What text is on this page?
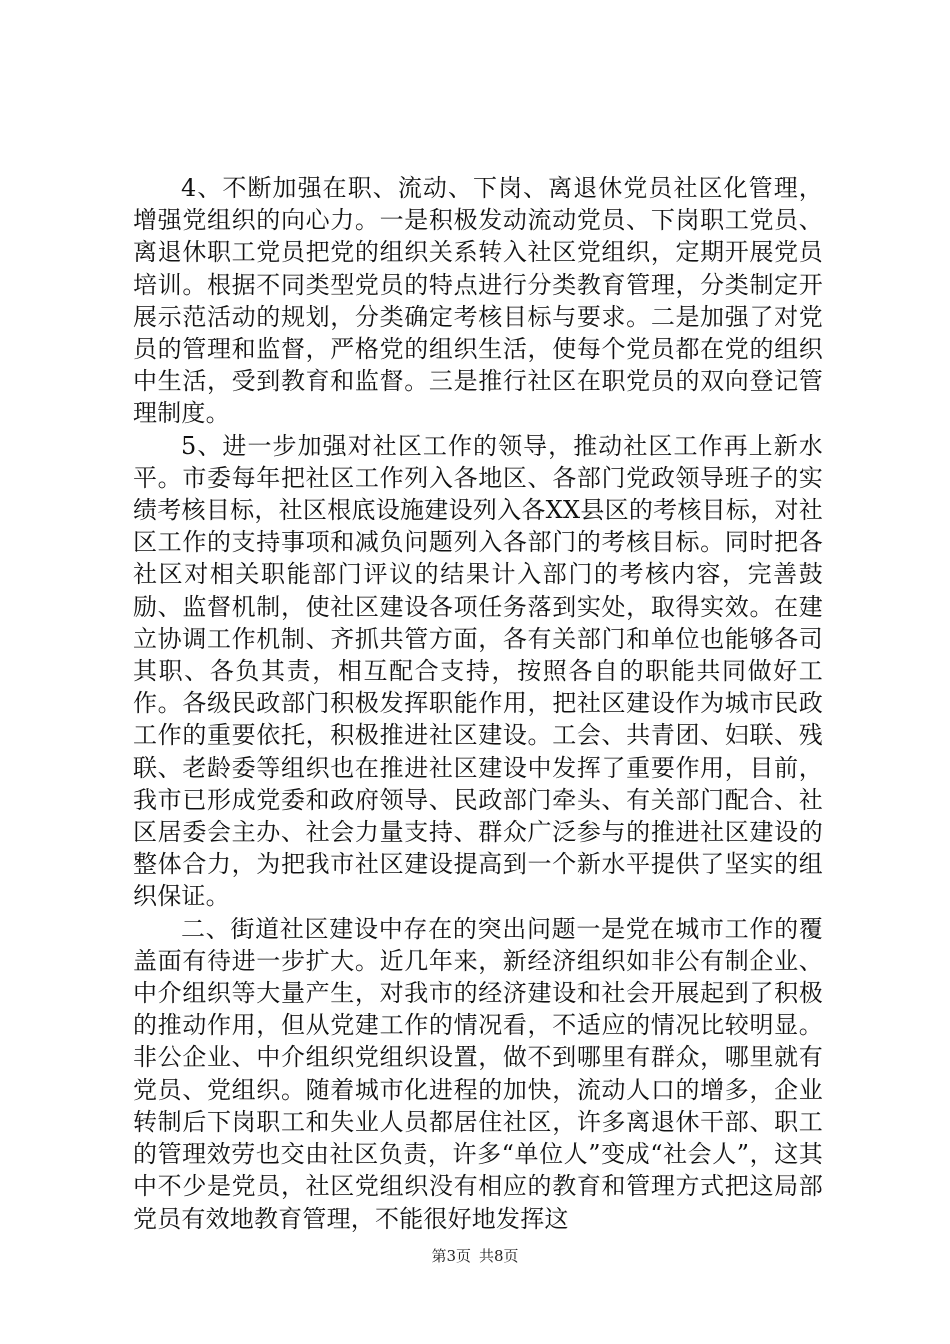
4、不断加强在职、流动、下岗、离退休党员社区化管理，增强党组织的向心力。一是积极发动流动党员、下岗职工党员、离退休职工党员把党的组织关系转入社区党组织，定期开展党员培训。根据不同类型党员的特点进行分类教育管理，分类制定开展示范活动的规划，分类确定考核目标与要求。二是加强了对党员的管理和监督，严格党的组织生活，使每个党员都在党的组织中生活，受到教育和监督。三是推行社区在职党员的双向登记管理制度。

5、进一步加强对社区工作的领导，推动社区工作再上新水平。市委每年把社区工作列入各地区、各部门党政领导班子的实绩考核目标，社区根底设施建设列入各XX县区的考核目标，对社区工作的支持事项和减负问题列入各部门的考核目标。同时把各社区对相关职能部门评议的结果计入部门的考核内容，完善鼓励、监督机制，使社区建设各项任务落到实处，取得实效。在建立协调工作机制、齐抓共管方面，各有关部门和单位也能够各司其职、各负其责，相互配合支持，按照各自的职能共同做好工作。各级民政部门积极发挥职能作用，把社区建设作为城市民政工作的重要依托，积极推进社区建设。工会、共青团、妇联、残联、老龄委等组织也在推进社区建设中发挥了重要作用，目前，我市已形成党委和政府领导、民政部门牵头、有关部门配合、社区居委会主办、社会力量支持、群众广泛参与的推进社区建设的整体合力，为把我市社区建设提高到一个新水平提供了坚实的组织保证。

二、街道社区建设中存在的突出问题一是党在城市工作的覆盖面有待进一步扩大。近几年来，新经济组织如非公有制企业、中介组织等大量产生，对我市的经济建设和社会开展起到了积极的推动作用，但从党建工作的情况看，不适应的情况比较明显。非公企业、中介组织党组织设置，做不到哪里有群众，哪里就有党员、党组织。随着城市化进程的加快，流动人口的增多，企业转制后下岗职工和失业人员都居住社区，许多离退休干部、职工的管理效劳也交由社区负责，许多“单位人”变成“社会人”，这其中不少是党员，社区党组织没有相应的教育和管理方式把这局部党员有效地教育管理，不能很好地发挥这

第3页 共8页
